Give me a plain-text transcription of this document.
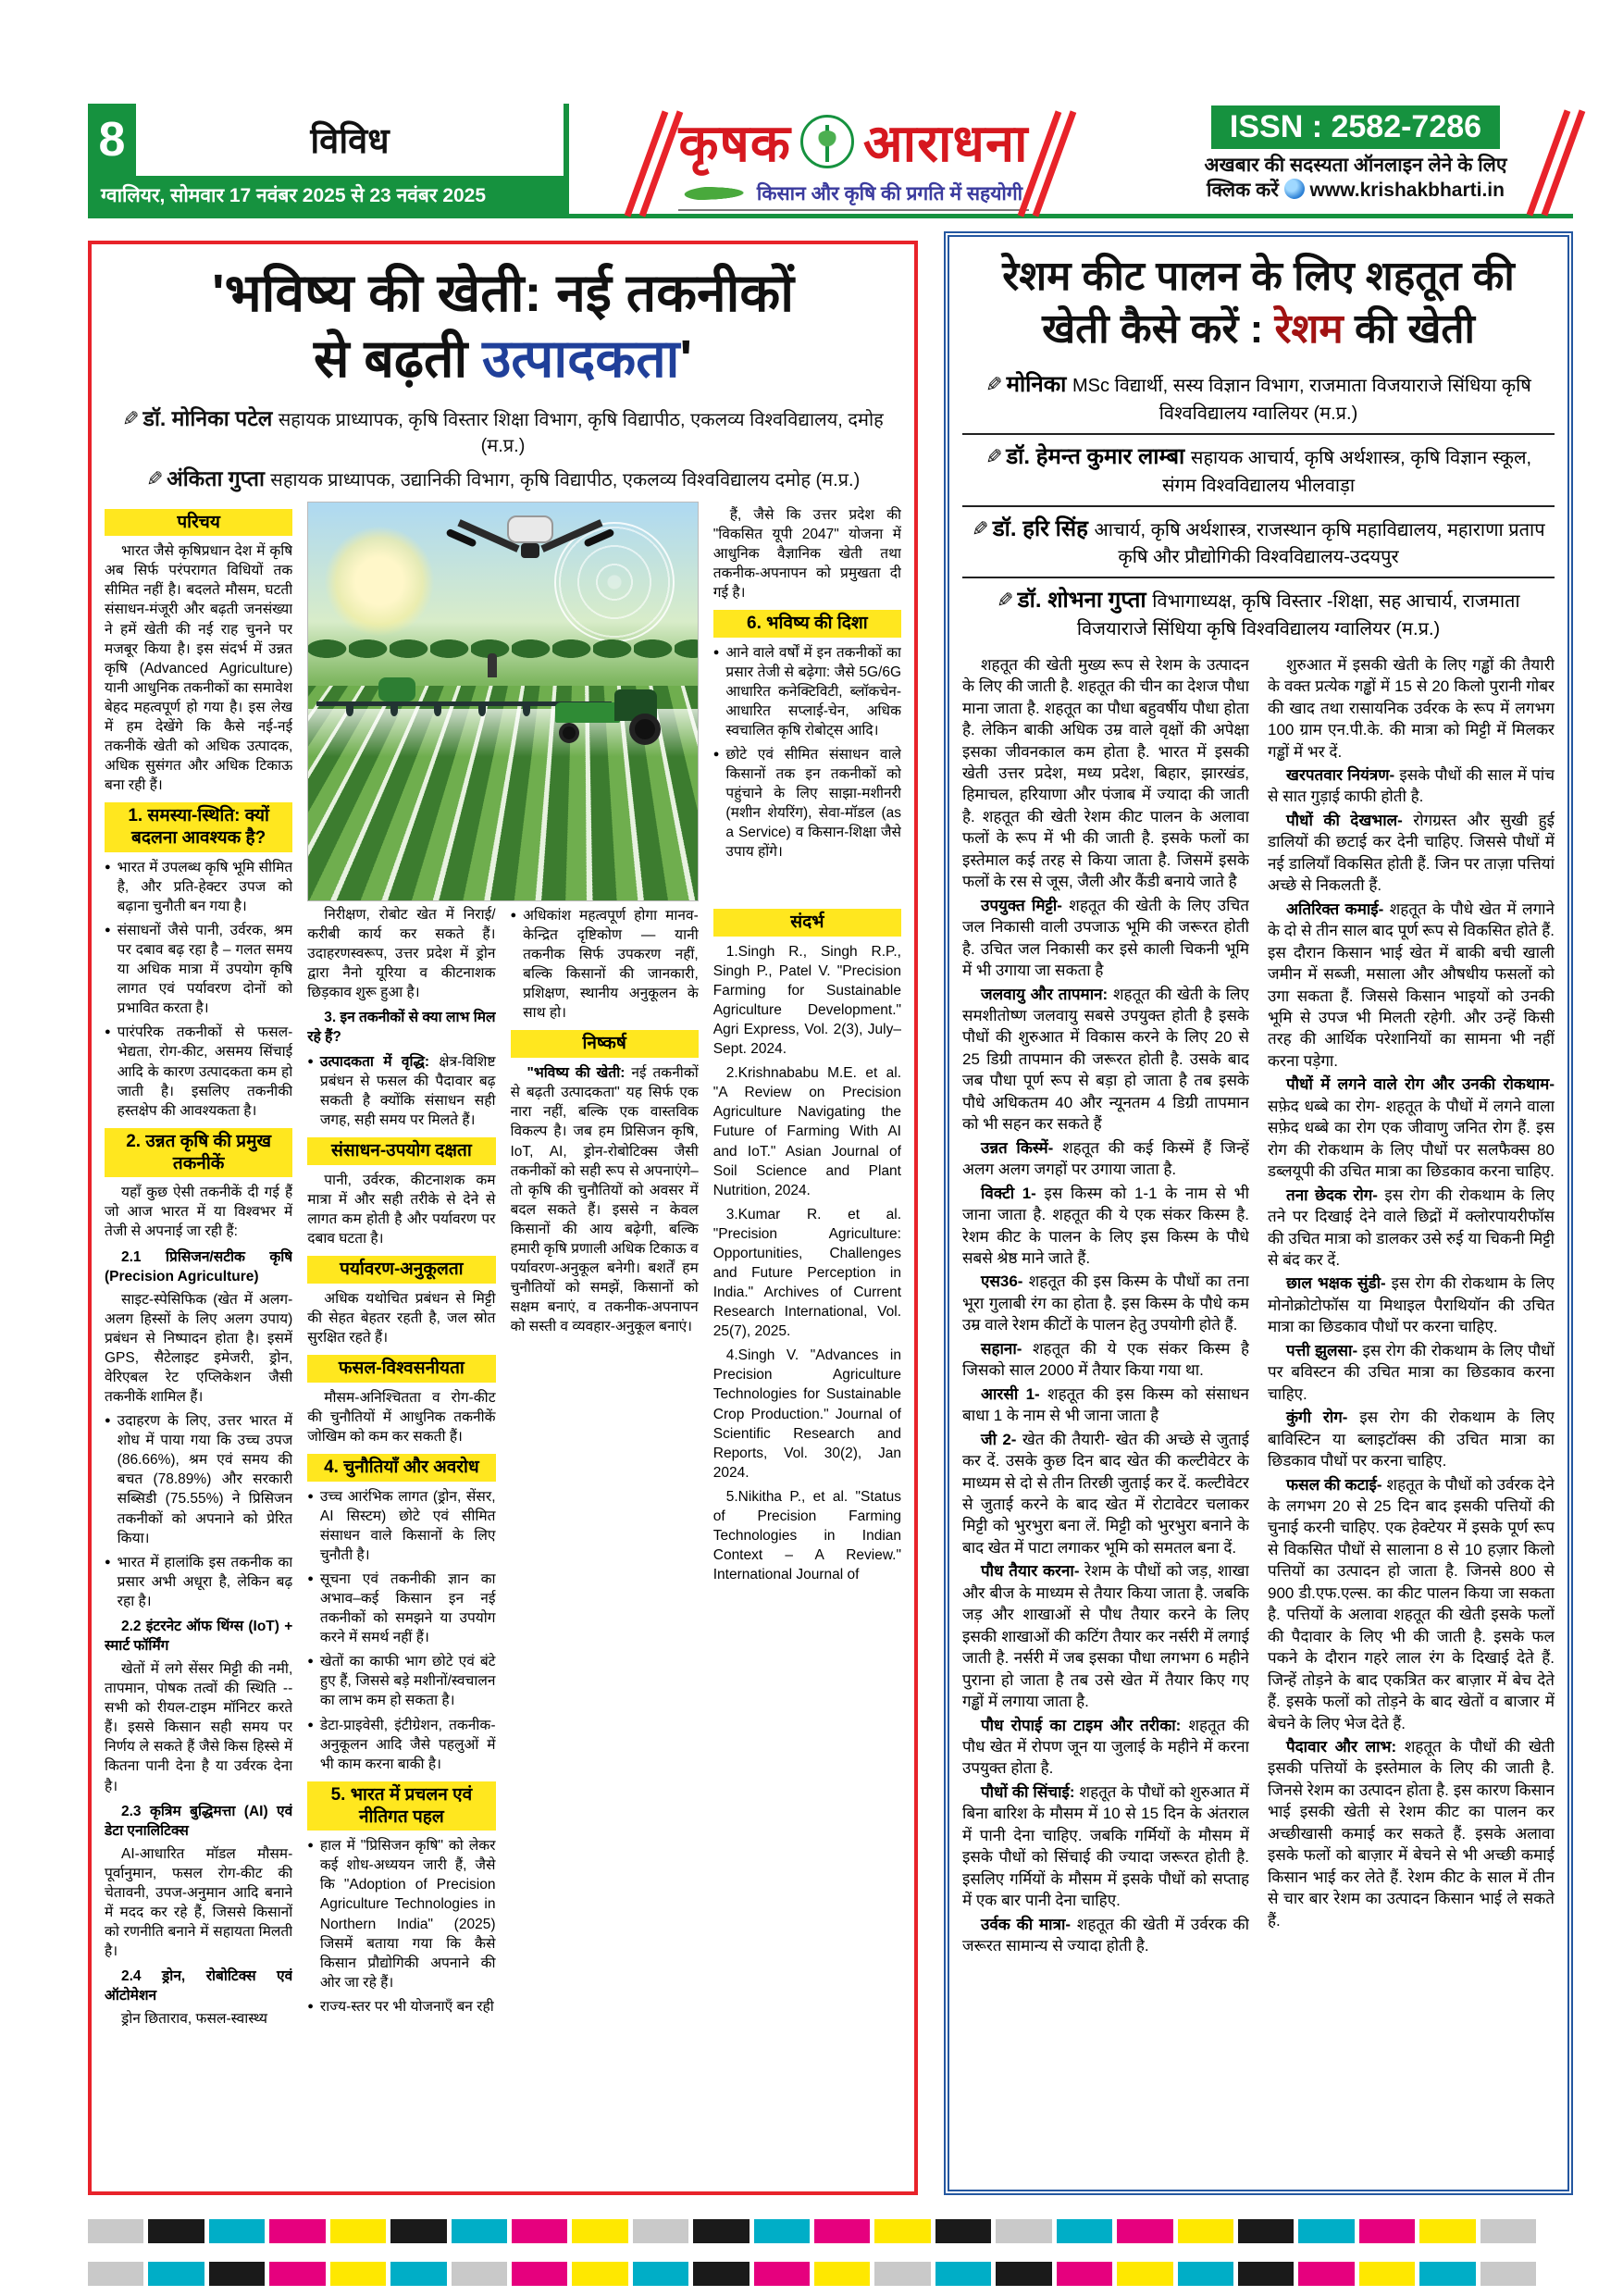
8	विविध
ग्वालियर, सोमवार 17 नवंबर 2025 से 23 नवंबर 2025
कृषक आराधना
किसान और कृषि की प्रगति में सहयोगी
ISSN : 2582-7286
अखबार की सदस्यता ऑनलाइन लेने के लिए
क्लिक करें www.krishakbharti.in
'भविष्य की खेती: नई तकनीकों
से बढ़ती उत्पादकता'
✎ डॉ. मोनिका पटेल सहायक प्राध्यापक, कृषि विस्तार शिक्षा विभाग, कृषि विद्यापीठ, एकलव्य विश्वविद्यालय, दमोह (म.प्र.)
✎ अंकिता गुप्ता सहायक प्राध्यापक, उद्यानिकी विभाग, कृषि विद्यापीठ, एकलव्य विश्वविद्यालय दमोह (म.प्र.)
परिचय

भारत जैसे कृषिप्रधान देश में कृषि अब सिर्फ परंपरागत विधियों तक सीमित नहीं है। बदलते मौसम, घटती संसाधन-मंजूरी और बढ़ती जनसंख्या ने हमें खेती की नई राह चुनने पर मजबूर किया है। इस संदर्भ में उन्नत कृषि (Advanced Agriculture) यानी आधुनिक तकनीकों का समावेश बेहद महत्वपूर्ण हो गया है। इस लेख में हम देखेंगे कि कैसे नई-नई तकनीकें खेती को अधिक उत्पादक, अधिक सुसंगत और अधिक टिकाऊ बना रही हैं।

1. समस्या-स्थिति: क्यों बदलना आवश्यक है?
● भारत में उपलब्ध कृषि भूमि सीमित है, और प्रति-हेक्टर उपज को बढ़ाना चुनौती बन गया है।
● संसाधनों जैसे पानी, उर्वरक, श्रम पर दबाव बढ़ रहा है – गलत समय या अधिक मात्रा में उपयोग कृषि लागत एवं पर्यावरण दोनों को प्रभावित करता है।
● पारंपरिक तकनीकों से फसल-भेद्यता, रोग-कीट, असमय सिंचाई आदि के कारण उत्पादकता कम हो जाती है। इसलिए तकनीकी हस्तक्षेप की आवश्यकता है।
2. उन्नत कृषि की प्रमुख तकनीकें

यहाँ कुछ ऐसी तकनीकें दी गई हैं जो आज भारत में या विश्वभर में तेजी से अपनाई जा रही हैं:

2.1 प्रिसिजन/सटीक कृषि (Precision Agriculture)

साइट-स्पेसिफिक (खेत में अलग-अलग हिस्सों के लिए अलग उपाय) प्रबंधन से निष्पादन होता है। इसमें GPS, सैटेलाइट इमेजरी, ड्रोन, वेरिएबल रेट एप्लिकेशन जैसी तकनीकें शामिल हैं।

● उदाहरण के लिए, उत्तर भारत में शोध में पाया गया कि उच्च उपज (86.66%), श्रम एवं समय की बचत (78.89%) और सरकारी सब्सिडी (75.55%) ने प्रिसिजन तकनीकों को अपनाने को प्रेरित किया।
● भारत में हालांकि इस तकनीक का प्रसार अभी अधूरा है, लेकिन बढ़ रहा है।

2.2 इंटरनेट ऑफ थिंग्स (IoT) + स्मार्ट फॉर्मिंग

खेतों में लगे सेंसर मिट्टी की नमी, तापमान, पोषक तत्वों की स्थिति -- सभी को रीयल-टाइम मॉनिटर करते हैं। इससे किसान सही समय पर निर्णय ले सकते हैं जैसे किस हिस्से में कितना पानी देना है या उर्वरक देना है।

2.3 कृत्रिम बुद्धिमत्ता (AI) एवं डेटा एनालिटिक्स

AI-आधारित मॉडल मौसम-पूर्वानुमान, फसल रोग-कीट की चेतावनी, उपज-अनुमान आदि बनाने में मदद कर रहे हैं, जिससे किसानों को रणनीति बनाने में सहायता मिलती है।

2.4 ड्रोन, रोबोटिक्स एवं ऑटोमेशन

ड्रोन छिताराव, फसल-स्वास्थ्य

हैं, जैसे कि उत्तर प्रदेश की "विकसित यूपी 2047" योजना में आधुनिक वैज्ञानिक खेती तथा तकनीक-अपनापन को प्रमुखता दी गई है।

6. भविष्य की दिशा
● आने वाले वर्षों में इन तकनीकों का प्रसार तेजी से बढ़ेगा: जैसे 5G/6G आधारित कनेक्टिविटी, ब्लॉकचेन-आधारित सप्लाई-चेन, अधिक स्वचालित कृषि रोबोट्स आदि।
● छोटे एवं सीमित संसाधन वाले किसानों तक इन तकनीकों को पहुंचाने के लिए साझा-मशीनरी (मशीन शेयरिंग), सेवा-मॉडल (as a Service) व किसान-शिक्षा जैसे उपाय होंगे।

निरीक्षण, रोबोट खेत में निराई/करीबी कार्य कर सकते हैं। उदाहरणस्वरूप, उत्तर प्रदेश में ड्रोन द्वारा नैनो यूरिया व कीटनाशक छिड़काव शुरू हुआ है।

3. इन तकनीकों से क्या लाभ मिल रहे हैं?

● उत्पादकता में वृद्धि: क्षेत्र-विशिष्ट प्रबंधन से फसल की पैदावार बढ़ सकती है क्योंकि संसाधन सही जगह, सही समय पर मिलते हैं।
संसाधन-उपयोग दक्षता

पानी, उर्वरक, कीटनाशक कम मात्रा में और सही तरीके से देने से लागत कम होती है और पर्यावरण पर दबाव घटता है।

पर्यावरण-अनुकूलता

अधिक यथोचित प्रबंधन से मिट्टी की सेहत बेहतर रहती है, जल स्रोत सुरक्षित रहते हैं।

फसल-विश्वसनीयता

मौसम-अनिश्चितता व रोग-कीट की चुनौतियों में आधुनिक तकनीकें जोखिम को कम कर सकती हैं।

4. चुनौतियाँ और अवरोध
● उच्च आरंभिक लागत (ड्रोन, सेंसर, AI सिस्टम) छोटे एवं सीमित संसाधन वाले किसानों के लिए चुनौती है।
● सूचना एवं तकनीकी ज्ञान का अभाव–कई किसान इन नई तकनीकों को समझने या उपयोग करने में समर्थ नहीं हैं।
● खेतों का काफी भाग छोटे एवं बंटे हुए हैं, जिससे बड़े मशीनों/स्वचालन का लाभ कम हो सकता है।
● डेटा-प्राइवेसी, इंटीग्रेशन, तकनीक-अनुकूलन आदि जैसे पहलुओं में भी काम करना बाकी है।
5. भारत में प्रचलन एवं नीतिगत पहल
● हाल में "प्रिसिजन कृषि" को लेकर कई शोध-अध्ययन जारी हैं, जैसे कि "Adoption of Precision Agriculture Technologies in Northern India" (2025) जिसमें बताया गया कि कैसे किसान प्रौद्योगिकी अपनाने की ओर जा रहे हैं।
● राज्य-स्तर पर भी योजनाएँ बन रही
● अधिकांश महत्वपूर्ण होगा मानव-केन्द्रित दृष्टिकोण — यानी तकनीक सिर्फ उपकरण नहीं, बल्कि किसानों की जानकारी, प्रशिक्षण, स्थानीय अनुकूलन के साथ हो।
निष्कर्ष

"भविष्य की खेती: नई तकनीकों से बढ़ती उत्पादकता" यह सिर्फ एक नारा नहीं, बल्कि एक वास्तविक विकल्प है। जब हम प्रिसिजन कृषि, IoT, AI, ड्रोन-रोबोटिक्स जैसी तकनीकों को सही रूप से अपनाएंगे–तो कृषि की चुनौतियों को अवसर में बदल सकते हैं। इससे न केवल किसानों की आय बढ़ेगी, बल्कि हमारी कृषि प्रणाली अधिक टिकाऊ व पर्यावरण-अनुकूल बनेगी। बशर्तें हम चुनौतियों को समझें, किसानों को सक्षम बनाएं, व तकनीक-अपनापन को सस्ती व व्यवहार-अनुकूल बनाएं।

संदर्भ

1.Singh R., Singh R.P., Singh P., Patel V. "Precision Farming for Sustainable Agriculture Development." Agri Express, Vol. 2(3), July–Sept. 2024.

2.Krishnababu M.E. et al. "A Review on Precision Agriculture Navigating the Future of Farming With AI and IoT." Asian Journal of Soil Science and Plant Nutrition, 2024.

3.Kumar R. et al. "Precision Agriculture: Opportunities, Challenges and Future Perception in India." Archives of Current Research International, Vol. 25(7), 2025.

4.Singh V. "Advances in Precision Agriculture Technologies for Sustainable Crop Production." Journal of Scientific Research and Reports, Vol. 30(2), Jan 2024.

5.Nikitha P., et al. "Status of Precision Farming Technologies in Indian Context – A Review." International Journal of

रेशम कीट पालन के लिए शहतूत की
खेती कैसे करें : रेशम की खेती
✎ मोनिका MSc विद्यार्थी, सस्य विज्ञान विभाग, राजमाता विजयाराजे सिंधिया कृषि विश्वविद्यालय ग्वालियर (म.प्र.)
✎ डॉ. हेमन्त कुमार लाम्बा सहायक आचार्य, कृषि अर्थशास्त्र, कृषि विज्ञान स्कूल, संगम विश्वविद्यालय भीलवाड़ा
✎ डॉ. हरि सिंह आचार्य, कृषि अर्थशास्त्र, राजस्थान कृषि महाविद्यालय, महाराणा प्रताप कृषि और प्रौद्योगिकी विश्वविद्यालय-उदयपुर
✎ डॉ. शोभना गुप्ता विभागाध्यक्ष, कृषि विस्तार -शिक्षा, सह आचार्य, राजमाता विजयाराजे सिंधिया कृषि विश्वविद्यालय ग्वालियर (म.प्र.)

शहतूत की खेती मुख्य रूप से रेशम के उत्पादन के लिए की जाती है. शहतूत की चीन का देशज पौधा माना जाता है. शहतूत का पौधा बहुवर्षीय पौधा होता है. लेकिन बाकी अधिक उम्र वाले वृक्षों की अपेक्षा इसका जीवनकाल कम होता है. भारत में इसकी खेती उत्तर प्रदेश, मध्य प्रदेश, बिहार, झारखंड, हिमाचल, हरियाणा और पंजाब में ज्यादा की जाती है. शहतूत की खेती रेशम कीट पालन के अलावा फलों के रूप में भी की जाती है. इसके फलों का इस्तेमाल कई तरह से किया जाता है. जिसमें इसके फलों के रस से जूस, जैली और कैंडी बनाये जाते है

उपयुक्त मिट्टी- शहतूत की खेती के लिए उचित जल निकासी वाली उपजाऊ भूमि की जरूरत होती है. उचित जल निकासी कर इसे काली चिकनी भूमि में भी उगाया जा सकता है

जलवायु और तापमान: शहतूत की खेती के लिए समशीतोष्ण जलवायु सबसे उपयुक्त होती है इसके पौधों की शुरुआत में विकास करने के लिए 20 से 25 डिग्री तापमान की जरूरत होती है. उसके बाद जब पौधा पूर्ण रूप से बड़ा हो जाता है तब इसके पौधे अधिकतम 40 और न्यूनतम 4 डिग्री तापमान को भी सहन कर सकते हैं

उन्नत किस्में- शहतूत की कई किस्में हैं जिन्हें अलग अलग जगहों पर उगाया जाता है.

विक्टी 1- इस किस्म को 1-1 के नाम से भी जाना जाता है. शहतूत की ये एक संकर किस्म है. रेशम कीट के पालन के लिए इस किस्म के पौधे सबसे श्रेष्ठ माने जाते हैं.

एस36- शहतूत की इस किस्म के पौधों का तना भूरा गुलाबी रंग का होता है. इस किस्म के पौधे कम उम्र वाले रेशम कीटों के पालन हेतु उपयोगी होते हैं.

सहाना- शहतूत की ये एक संकर किस्म है जिसको साल 2000 में तैयार किया गया था.

आरसी 1- शहतूत की इस किस्म को संसाधन बाधा 1 के नाम से भी जाना जाता है

जी 2- खेत की तैयारी- खेत की अच्छे से जुताई कर दें. उसके कुछ दिन बाद खेत की कल्टीवेटर के माध्यम से दो से तीन तिरछी जुताई कर दें. कल्टीवेटर से जुताई करने के बाद खेत में रोटावेटर चलाकर मिट्टी को भुरभुरा बना लें. मिट्टी को भुरभुरा बनाने के बाद खेत में पाटा लगाकर भूमि को समतल बना दें.

पौध तैयार करना- रेशम के पौधों को जड़, शाखा और बीज के माध्यम से तैयार किया जाता है. जबकि जड़ और शाखाओं से पौध तैयार करने के लिए इसकी शाखाओं की कटिंग तैयार कर नर्सरी में लगाई जाती है. नर्सरी में जब इसका पौधा लगभग 6 महीने पुराना हो जाता है तब उसे खेत में तैयार किए गए गड्ढों में लगाया जाता है.

पौध रोपाई का टाइम और तरीका: शहतूत की पौध खेत में रोपण जून या जुलाई के महीने में करना उपयुक्त होता है.

पौधों की सिंचाई: शहतूत के पौधों को शुरुआत में बिना बारिश के मौसम में 10 से 15 दिन के अंतराल में पानी देना चाहिए. जबकि गर्मियों के मौसम में इसके पौधों को सिंचाई की ज्यादा जरूरत होती है. इसलिए गर्मियों के मौसम में इसके पौधों को सप्ताह में एक बार पानी देना चाहिए.

उर्वक की मात्रा- शहतूत की खेती में उर्वरक की जरूरत सामान्य से ज्यादा होती है.

शुरुआत में इसकी खेती के लिए गड्ढों की तैयारी के वक्त प्रत्येक गड्ढों में 15 से 20 किलो पुरानी गोबर की खाद तथा रासायनिक उर्वरक के रूप में लगभग 100 ग्राम एन.पी.के. की मात्रा को मिट्टी में मिलकर गड्ढों में भर दें.

खरपतवार नियंत्रण- इसके पौधों की साल में पांच से सात गुड़ाई काफी होती है.

पौधों की देखभाल- रोगग्रस्त और सुखी हुई डालियों की छटाई कर देनी चाहिए. जिससे पौधों में नई डालियाँ विकसित होती हैं. जिन पर ताज़ा पत्तियां अच्छे से निकलती हैं.

अतिरिक्त कमाई- शहतूत के पौधे खेत में लगाने के दो से तीन साल बाद पूर्ण रूप से विकसित होते हैं. इस दौरान किसान भाई खेत में बाकी बची खाली जमीन में सब्जी, मसाला और औषधीय फसलों को उगा सकता हैं. जिससे किसान भाइयों को उनकी भूमि से उपज भी मिलती रहेगी. और उन्हें किसी तरह की आर्थिक परेशानियों का सामना भी नहीं करना पड़ेगा.

पौधों में लगने वाले रोग और उनकी रोकथाम- सफ़ेद धब्बे का रोग- शहतूत के पौधों में लगने वाला सफ़ेद धब्बे का रोग एक जीवाणु जनित रोग हैं. इस रोग की रोकथाम के लिए पौधों पर सलफैक्स 80 डब्लयूपी की उचित मात्रा का छिडकाव करना चाहिए.

तना छेदक रोग- इस रोग की रोकथाम के लिए तने पर दिखाई देने वाले छिद्रों में क्लोरपायरीफॉस की उचित मात्रा को डालकर उसे रुई या चिकनी मिट्टी से बंद कर दें.

छाल भक्षक सुंडी- इस रोग की रोकथाम के लिए मोनोक्रोटोफॉस या मिथाइल पैराथियॉन की उचित मात्रा का छिडकाव पौधों पर करना चाहिए.

पत्ती झुलसा- इस रोग की रोकथाम के लिए पौधों पर बविस्टन की उचित मात्रा का छिडकाव करना चाहिए.

कुंगी रोग- इस रोग की रोकथाम के लिए बाविस्टिन या ब्लाइटॉक्स की उचित मात्रा का छिडकाव पौधों पर करना चाहिए.

फसल की कटाई- शहतूत के पौधों को उर्वरक देने के लगभग 20 से 25 दिन बाद इसकी पत्तियों की चुनाई करनी चाहिए. एक हेक्टेयर में इसके पूर्ण रूप से विकसित पौधों से सालाना 8 से 10 हज़ार किलो पत्तियों का उत्पादन हो जाता है. जिनसे 800 से 900 डी.एफ.एल्स. का कीट पालन किया जा सकता है. पत्तियों के अलावा शहतूत की खेती इसके फलों की पैदावार के लिए भी की जाती है. इसके फल पकने के दौरान गहरे लाल रंग के दिखाई देते हैं. जिन्हें तोड़ने के बाद एकत्रित कर बाज़ार में बेच देते हैं. इसके फलों को तोड़ने के बाद खेतों व बाजार में बेचने के लिए भेज देते हैं.

पैदावार और लाभ: शहतूत के पौधों की खेती इसकी पत्तियों के इस्तेमाल के लिए की जाती है. जिनसे रेशम का उत्पादन होता है. इस कारण किसान भाई इसकी खेती से रेशम कीट का पालन कर अच्छीखासी कमाई कर सकते हैं. इसके अलावा इसके फलों को बाज़ार में बेचने से भी अच्छी कमाई किसान भाई कर लेते हैं. रेशम कीट के साल में तीन से चार बार रेशम का उत्पादन किसान भाई ले सकते हैं.
